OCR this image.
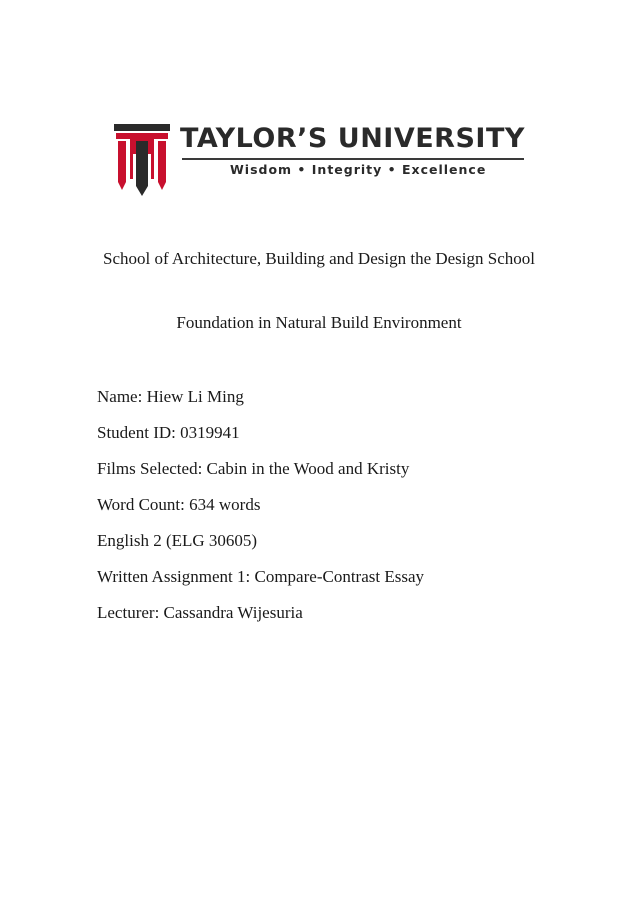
TAYLOR’S UNIVERSITY
Wisdom • Integrity • Excellence
School of Architecture, Building and Design the Design School
Foundation in Natural Build Environment
Name: Hiew Li Ming
Student ID: 0319941
Films Selected: Cabin in the Wood and Kristy
Word Count: 634 words
English 2 (ELG 30605)
Written Assignment 1: Compare-Contrast Essay
Lecturer: Cassandra Wijesuria
